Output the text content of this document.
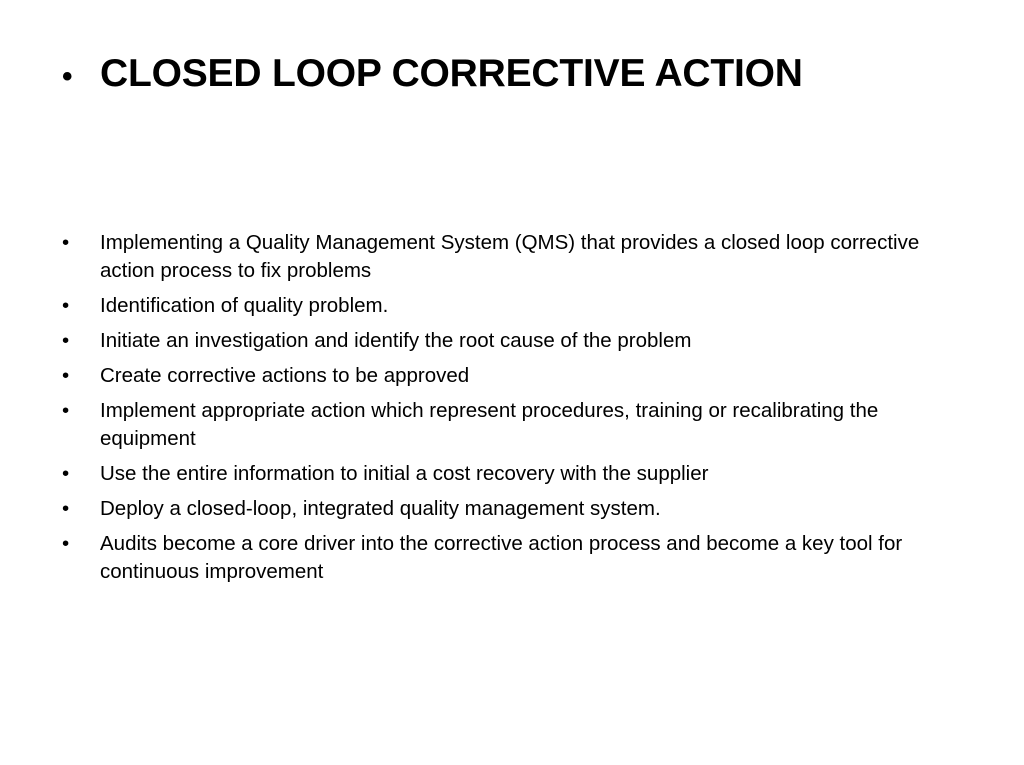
• CLOSED LOOP CORRECTIVE ACTION
•	Implementing a Quality Management System (QMS) that provides a closed loop corrective action process to fix problems
•	Identification of quality problem.
•	Initiate an investigation and identify the root cause of the problem
•	Create corrective actions to be approved
•	Implement appropriate action which represent procedures, training or recalibrating the equipment
•	Use the entire information to initial a cost recovery with the supplier
•	Deploy a closed-loop, integrated quality management system.
•	Audits become a core driver into the corrective action process and become a key tool for continuous improvement
